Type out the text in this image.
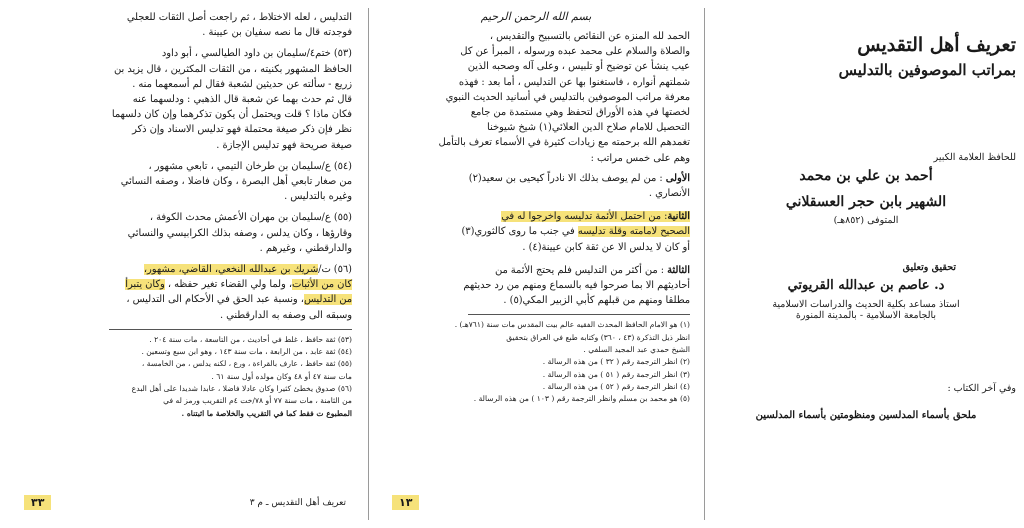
التدليس ، لعله الاختلاط ، ثم راجعت أصل الثقات للعجلي

فوجدته قال ما نصه سفيان بن عيينة .

(٥٣) ختم٤/سليمان بن داود الطيالسي ، أبو داود

الحافظ المشهور بكنيته ، من الثقات المكثرين ، قال يزيد بن

زريع - سألته عن حديثين لشعبة فقال لم أسمعهما منه .

قال ثم حدث بهما عن شعبة قال الذهبي : ودلسهما عنه

فكان ماذا ؟ قلت ويحتمل أن يكون تذكرهما وإن كان دلسهما

نظر فإن ذكر صيغة محتملة فهو تدليس الاسناد وإن ذكر

صيغة صريحة فهو تدليس الإجازة .

(٥٤) ع/سليمان بن طرخان التيمي ، تابعي مشهور ،

من صغار تابعي أهل البصرة ، وكان فاضلا ، وصفه النسائي

وغيره بالتدليس .

(٥٥) ع/سليمان بن مهران الأعمش محدث الكوفة ،

وقارؤها ، وكان يدلس ، وصفه بذلك الكرابيسي والنسائي

والدارقطني ، وغيرهم .

(٥٦) ت/شريك بن عبدالله النخعي، القاضي، مشهور،

كان من الأثبات، ولما ولي القضاء تغير حفظه ، وكان يتبرأ

من التدليس، ونسبة عبد الحق في الأحكام الى التدليس ،

وسبقه الى وصفه به الدارقطني .

(٥٣) ثقة حافظ ، غلط في أحاديث ، من التاسعة ، مات سنة ٢٠٤ .

(٥٤) ثقة عابد ، من الرابعة ، مات سنة ١٤٣ ، وهو ابن سبع وتسعين .

(٥٥) ثقة حافظ ، عارف بالقراءة ، ورع ، لكنه يدلس ، من الخامسة ،

مات سنة ٤٧ أو ٤٨ وكان مولده أول سنة ٦١ .

(٥٦) صدوق يخطئ كثيرا وكان عادلا فاضلا ، عابدا شديدا على أهل البدع

من الثامنة ، مات سنة ٧٧ أو ٧٨/خت ٤م التقريب ورمز له في

المطبوع ت فقط كما في التقريب والخلاصة ما اثبتناه .

تعريف أهل التقديس ـ م ٣
٣٣
بسم الله الرحمن الرحيم

الحمد لله المنزه عن النقائص بالتسبيح والتقديس ،

والصلاة والسلام على محمد عبده ورسوله ، المبرأ عن كل

عيب ينشأ عن توضيح أو تلبيس ، وعلى آله وصحبه الذين

شملتهم أنواره ، فاستغنوا بها عن التدليس ، أما بعد : فهذه

معرفة مراتب الموصوفين بالتدليس في أسانيد الحديث النبوي

لخصتها في هذه الأوراق لتحفظ وهي مستمدة من جامع

التحصيل للامام صلاح الدين العلائي(١) شيخ شيوخنا

تغمدهم الله برحمته مع زيادات كثيرة في الأسماء تعرف بالتأمل

وهم على خمس مراتب :

الأولى : من لم يوصف بذلك الا نادراً كيحيى بن سعيد(٢)

الأنصاري .

الثانية: من احتمل الأئمة تدليسه واخرجوا له في

الصحيح لامامته وقلة تدليسه في جنب ما روى كالثوري(٣)

أو كان لا يدلس الا عن ثقة كابن عيينة(٤) .

الثالثة : من أكثر من التدليس فلم يحتج الأئمة من

أحاديثهم الا بما صرحوا فيه بالسماع ومنهم من رد حديثهم

مطلقا ومنهم من قبلهم كأبي الزبير المكي(٥) .

(١) هو الامام الحافظ المحدث الفقيه عالم بيت المقدس مات سنة (٧٦١هـ) .

انظر ذيل التذكرة (٤٣ ، ٣٦٠) وكتابه طبع في العراق بتحقيق

الشيخ حمدي عبد المجيد السلفي .

(٢) انظر الترجمة رقم ( ٣٢ ) من هذه الرسالة .

(٣) انظر الترجمة رقم ( ٥١ ) من هذه الرسالة .

(٤) انظر الترجمة رقم ( ٥٢ ) من هذه الرسالة .

(٥) هو محمد بن مسلم وانظر الترجمة رقم ( ١٠٣ ) من هذه الرسالة .

١٣
تعريف أهل التقديس
بمراتب الموصوفين بالتدليس
للحافظ العلامة الكبير
أحمد بن علي بن محمد
الشهير بابن حجر العسقلاني
المتوفى (٨٥٢هـ)
تحقيق وتعليق
د. عاصم بن عبدالله القريوتي
استاذ مساعد بكلية الحديث والدراسات الاسلامية
بالجامعة الاسلامية - بالمدينة المنورة
وفي آخر الكتاب :
ملحق بأسماء المدلسين ومنظومتين بأسماء المدلسين
